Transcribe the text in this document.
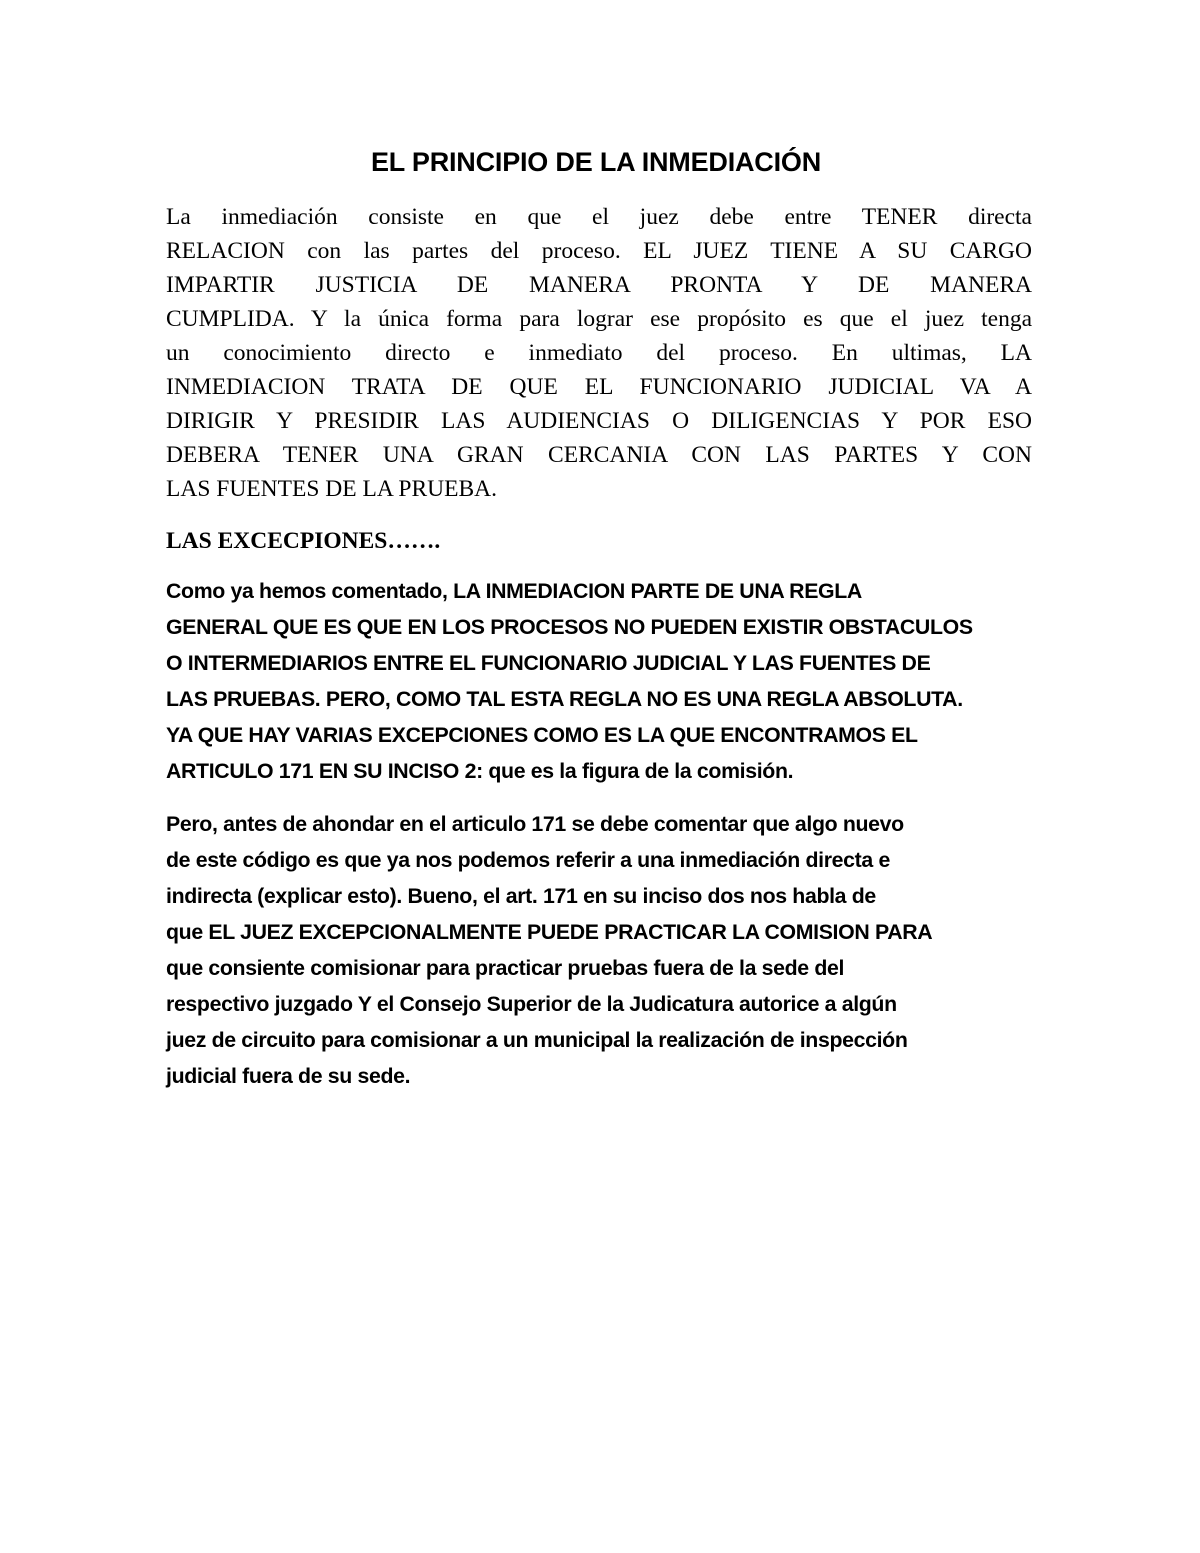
EL PRINCIPIO DE LA INMEDIACIÓN
La inmediación consiste en que el juez debe entre TENER directa
RELACION con las partes del proceso. EL JUEZ TIENE A SU CARGO
IMPARTIR JUSTICIA DE MANERA PRONTA Y DE MANERA
CUMPLIDA. Y la única forma para lograr ese propósito es que el juez tenga
un conocimiento directo e inmediato del proceso. En ultimas, LA
INMEDIACION TRATA DE QUE EL FUNCIONARIO JUDICIAL VA A
DIRIGIR Y PRESIDIR LAS AUDIENCIAS O DILIGENCIAS Y POR ESO
DEBERA TENER UNA GRAN CERCANIA CON LAS PARTES Y CON
LAS FUENTES DE LA PRUEBA.

LAS EXCECPIONES…….

Como ya hemos comentado, LA INMEDIACION PARTE DE UNA REGLA
GENERAL QUE ES QUE EN LOS PROCESOS NO PUEDEN EXISTIR OBSTACULOS
O INTERMEDIARIOS ENTRE EL FUNCIONARIO JUDICIAL Y LAS FUENTES DE
LAS PRUEBAS. PERO, COMO TAL ESTA REGLA NO ES UNA REGLA ABSOLUTA.
YA QUE HAY VARIAS EXCEPCIONES COMO ES LA QUE ENCONTRAMOS EL
ARTICULO 171 EN SU INCISO 2: que es la figura de la comisión.
Pero, antes de ahondar en el articulo 171 se debe comentar que algo nuevo
de este código es que ya nos podemos referir a una inmediación directa e
indirecta (explicar esto). Bueno, el art. 171 en su inciso dos nos habla de
que EL JUEZ EXCEPCIONALMENTE PUEDE PRACTICAR LA COMISION PARA
que consiente comisionar para practicar pruebas fuera de la sede del
respectivo juzgado Y el Consejo Superior de la Judicatura autorice a algún
juez de circuito para comisionar a un municipal la realización de inspección
judicial fuera de su sede.
